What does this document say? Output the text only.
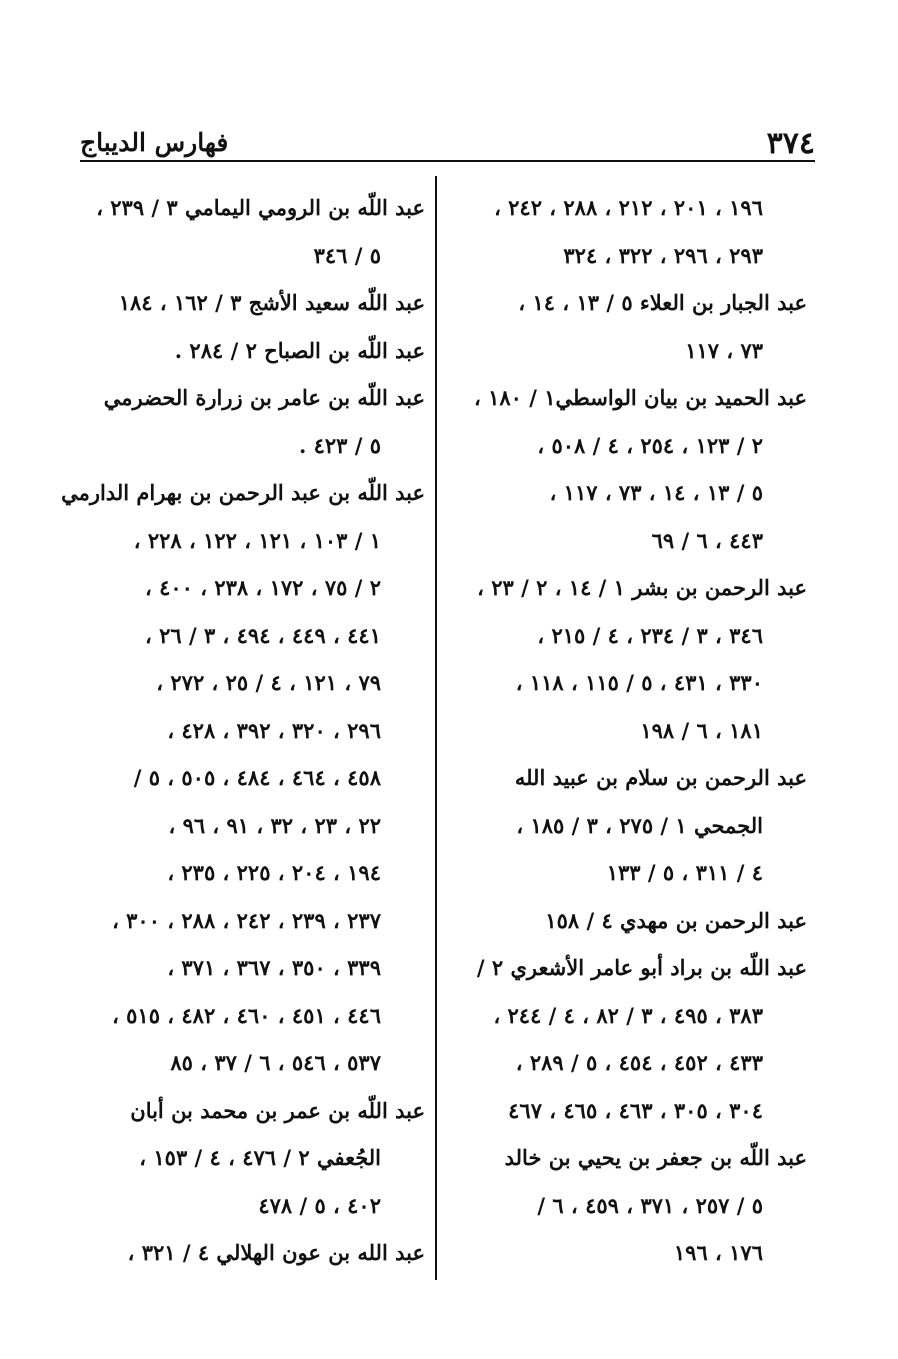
٣٧٤
فهارس الديباج
١٩٦ ، ٢٠١ ، ٢١٢ ، ٢٨٨ ، ٢٤٢ ،
٢٩٣ ، ٢٩٦ ، ٣٢٢ ، ٣٢٤
عبد الجبار بن العلاء ٥ / ١٣ ، ١٤ ،
٧٣ ، ١١٧
عبد الحميد بن بيان الواسطي١ / ١٨٠ ،
٢ / ١٢٣ ، ٢٥٤ ، ٤ / ٥٠٨ ،
٥ / ١٣ ، ١٤ ، ٧٣ ، ١١٧ ،
٤٤٣ ، ٦ / ٦٩
عبد الرحمن بن بشر ١ / ١٤ ، ٢ / ٢٣ ،
٣٤٦ ، ٣ / ٢٣٤ ، ٤ / ٢١٥ ،
٣٣٠ ، ٤٣١ ، ٥ / ١١٥ ، ١١٨ ،
١٨١ ، ٦ / ١٩٨
عبد الرحمن بن سلام بن عبيد الله
الجمحي ١ / ٢٧٥ ، ٣ / ١٨٥ ،
٤ / ٣١١ ، ٥ / ١٣٣
عبد الرحمن بن مهدي ٤ / ١٥٨
عبد اللّه بن براد أبو عامر الأشعري ٢ /
٣٨٣ ، ٤٩٥ ، ٣ / ٨٢ ، ٤ / ٢٤٤ ،
٤٣٣ ، ٤٥٢ ، ٤٥٤ ، ٥ / ٢٨٩ ،
٣٠٤ ، ٣٠٥ ، ٤٦٣ ، ٤٦٥ ، ٤٦٧
عبد اللّه بن جعفر بن يحيي بن خالد
٥ / ٢٥٧ ، ٣٧١ ، ٤٥٩ ، ٦ /
١٧٦ ، ١٩٦
عبد اللّه بن الرومي اليمامي ٣ / ٢٣٩ ،
٥ / ٣٤٦
عبد اللّه سعيد الأشج ٣ / ١٦٢ ، ١٨٤
عبد اللّه بن الصباح ٢ / ٢٨٤ .
عبد اللّه بن عامر بن زرارة الحضرمي
٥ / ٤٢٣ .
عبد اللّه بن عبد الرحمن بن بهرام الدارمي
١ / ١٠٣ ، ١٢١ ، ١٢٢ ، ٢٢٨ ،
٢ / ٧٥ ، ١٧٢ ، ٢٣٨ ، ٤٠٠ ،
٤٤١ ، ٤٤٩ ، ٤٩٤ ، ٣ / ٢٦ ،
٧٩ ، ١٢١ ، ٤ / ٢٥ ، ٢٧٢ ،
٢٩٦ ، ٣٢٠ ، ٣٩٢ ، ٤٢٨ ،
٤٥٨ ، ٤٦٤ ، ٤٨٤ ، ٥٠٥ ، ٥ /
٢٢ ، ٢٣ ، ٣٢ ، ٩١ ، ٩٦ ،
١٩٤ ، ٢٠٤ ، ٢٢٥ ، ٢٣٥ ،
٢٣٧ ، ٢٣٩ ، ٢٤٢ ، ٢٨٨ ، ٣٠٠ ،
٣٣٩ ، ٣٥٠ ، ٣٦٧ ، ٣٧١ ،
٤٤٦ ، ٤٥١ ، ٤٦٠ ، ٤٨٢ ، ٥١٥ ،
٥٣٧ ، ٥٤٦ ، ٦ / ٣٧ ، ٨٥
عبد اللّه بن عمر بن محمد بن أبان
الجُعفي ٢ / ٤٧٦ ، ٤ / ١٥٣ ،
٤٠٢ ، ٥ / ٤٧٨
عبد الله بن عون الهلالي ٤ / ٣٢١ ،
